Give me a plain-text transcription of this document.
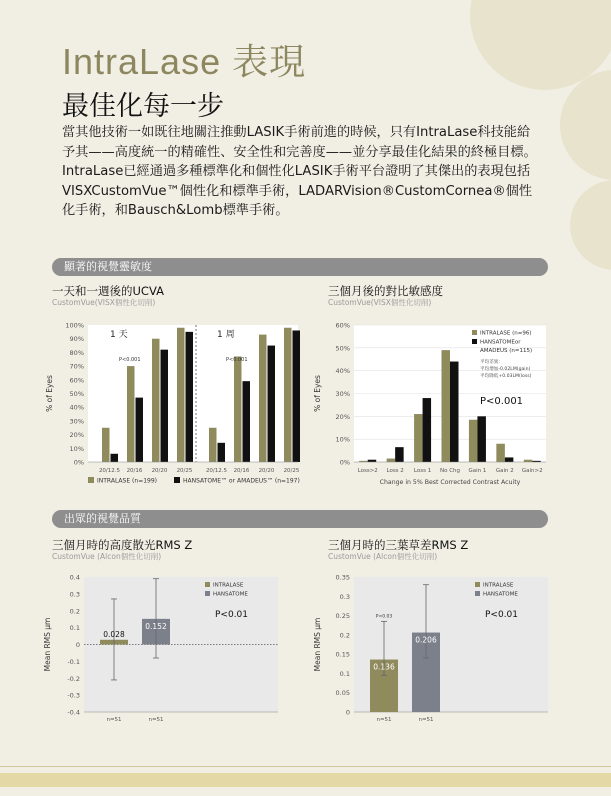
IntraLase 表現
最佳化每一步

當其他技術一如既往地關注推動LASIK手術前進的時候，只有IntraLase科技能給予其——高度統一的精確性、安全性和完善度——並分享最佳化結果的終極目標。

IntraLase已經通過多種標準化和個性化LASIK手術平台證明了其傑出的表現包括VISXCustomVue™個性化和標準手術，LADARVision®CustomCornea®個性化手術，和Bausch&Lomb標準手術。

顯著的視覺靈敏度
一天和一週後的UCVA
CustomVue(VISX個性化切削)
0%
10%
20%
30%
40%
50%
60%
70%
80%
90%
100%
% of Eyes
20/12.5 20/16 20/20 20/25
1 天
P<0.001
20/12.5 20/16 20/20 20/25
1 周
P<0.001
INTRALASE (n=199)	HANSATOME™ or AMADEUS™ (n=197)
三個月後的對比敏感度
CustomVue(VISX個性化切削)
0%
10%
20%
30%
40%
50%
60%
% of Eyes
Loss>2 Loss 2 Loss 1 No Chg Gain 1 Gain 2 Gain>2
Change in 5% Best Corrected Contrast Acuity
INTRALASE (n=96)
HANSATOMEor
AMADEUS (n=115)
平均差異：
平均增加-0.02LM(gain)
平均降低+0.03LM(loss)
P<0.001
出眾的視覺品質
三個月時的高度散光RMS Z
CustomVue (Alcon個性化切削)
-0.4
-0.3
-0.2
-0.1
0
0.1
0.2
0.3
0.4
Mean RMS μm	0.028
n=51
0.152
n=51
INTRALASE
HANSATOME
P<0.01
三個月時的三葉草差RMS Z
CustomVue (Alcon個性化切削)
0
0.05
0.1
0.15
0.2
0.25
0.3
0.35
Mean RMS μm	0.136
n=51
0.206
n=51
P<0.03
INTRALASE
HANSATOME
P<0.01
